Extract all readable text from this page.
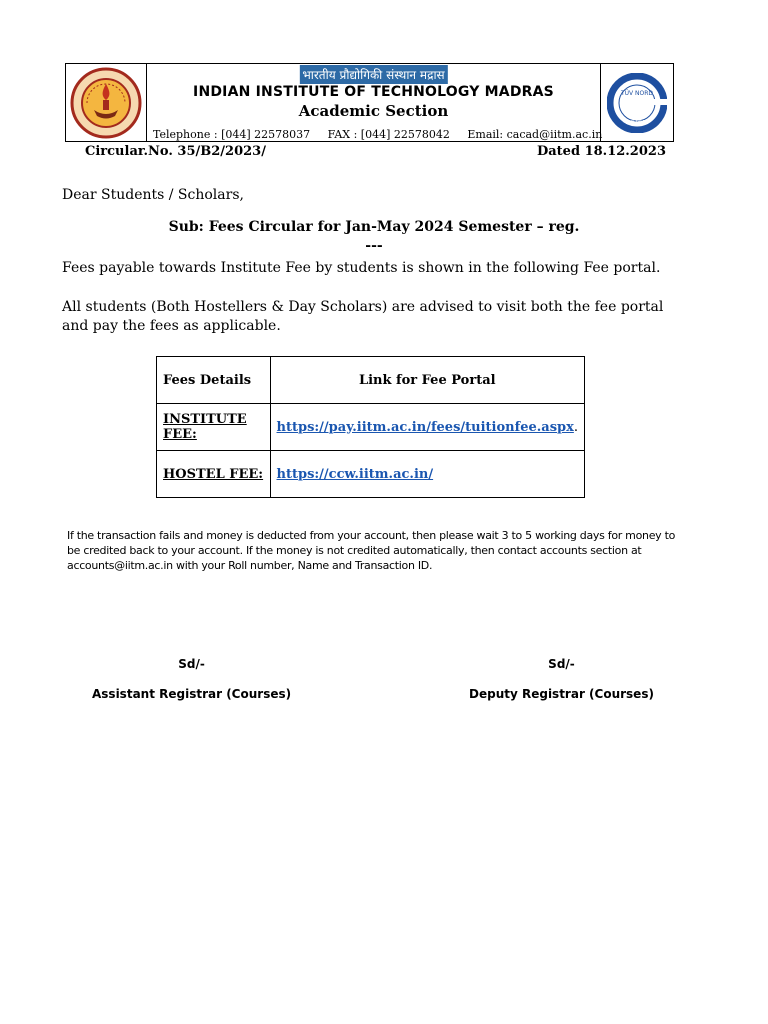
भारतीय प्रौद्योगिकी संस्थान मद्रास
INDIAN INSTITUTE OF TECHNOLOGY MADRAS
Academic Section
Telephone : [044] 22578037 FAX : [044] 22578042 Email: cacad@iitm.ac.in
TÜV NORD
ISO 9001
Circular.No. 35/B2/2023/	Dated 18.12.2023
Dear Students / Scholars,
Sub: Fees Circular for Jan-May 2024 Semester – reg.
---
Fees payable towards Institute Fee by students is shown in the following Fee portal.
All students (Both Hostellers & Day Scholars) are advised to visit both the fee portal and pay the fees as applicable.
Fees Details	Link for Fee Portal
INSTITUTE FEE:	https://pay.iitm.ac.in/fees/tuitionfee.aspx.
HOSTEL FEE:	https://ccw.iitm.ac.in/
If the transaction fails and money is deducted from your account, then please wait 3 to 5 working days for money to be credited back to your account. If the money is not credited automatically, then contact accounts section at accounts@iitm.ac.in with your Roll number, Name and Transaction ID.
Sd/-
Assistant Registrar (Courses)
Sd/-
Deputy Registrar (Courses)
